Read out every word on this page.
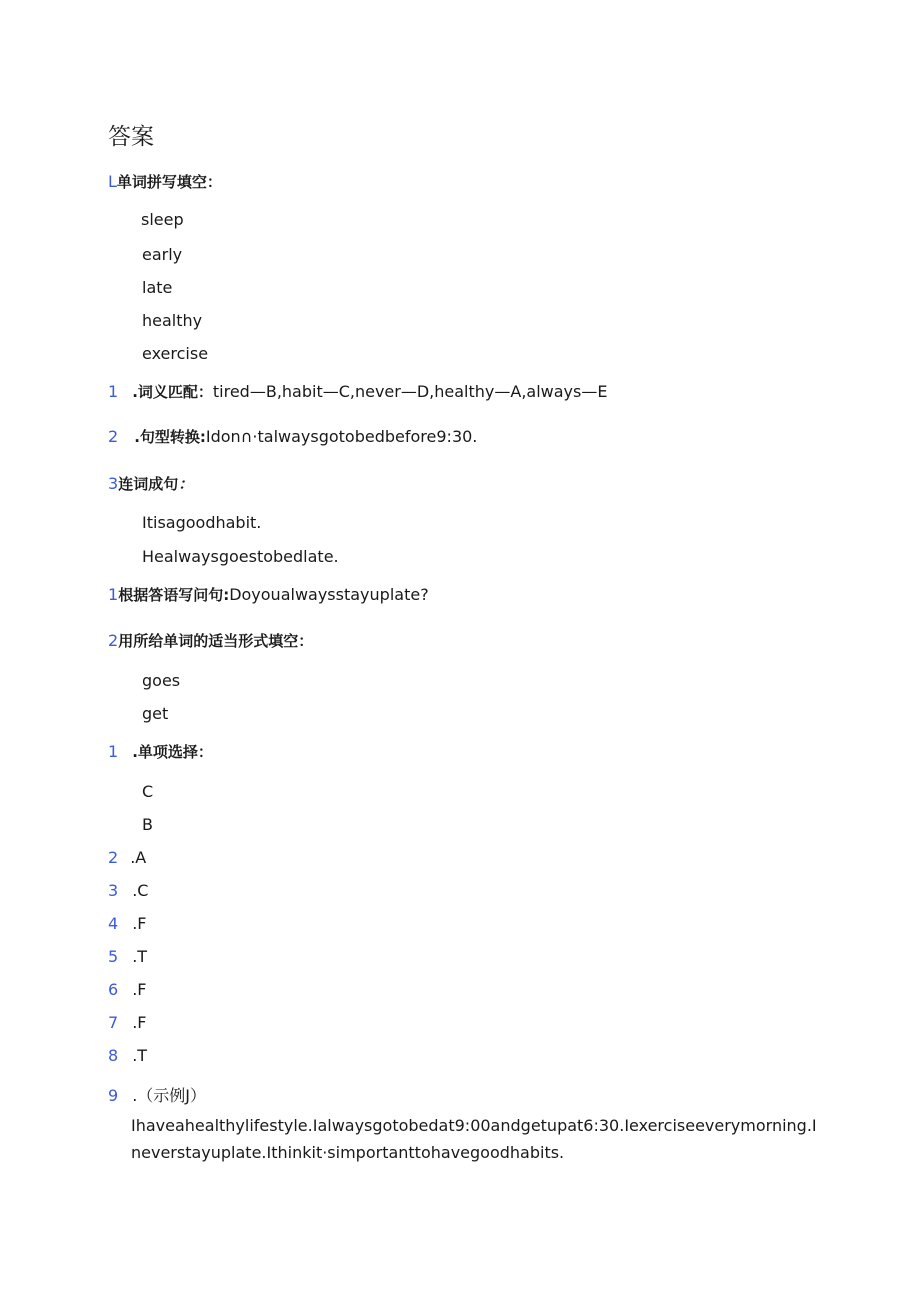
答案
L 单词拼写填空：
sleep
early
late
healthy
exercise
1 .词义匹配： tired—B,habit—C,never—D,healthy—A,always—E
2 .句型转换: Idon∩·talwaysgotobedbefore9:30.
3 连词成句 ：
Itisagoodhabit.
Healwaysgoestobedlate.
1 根据答语写问句: Doyoualwaysstayuplate?
2 用所给单词的适当形式填空：
goes
get
1 .单项选择：
C
B
2 .A
3 .C
4 .F
5 .T
6 .F
7 .F
8 .T
9 .（示例J）
Ihaveahealthylifestyle.Ialwaysgotobedat9:00andgetupat6:30.Iexerciseeverymorning.Ineverstayuplate.Ithinkit·simportanttohavegoodhabits.
